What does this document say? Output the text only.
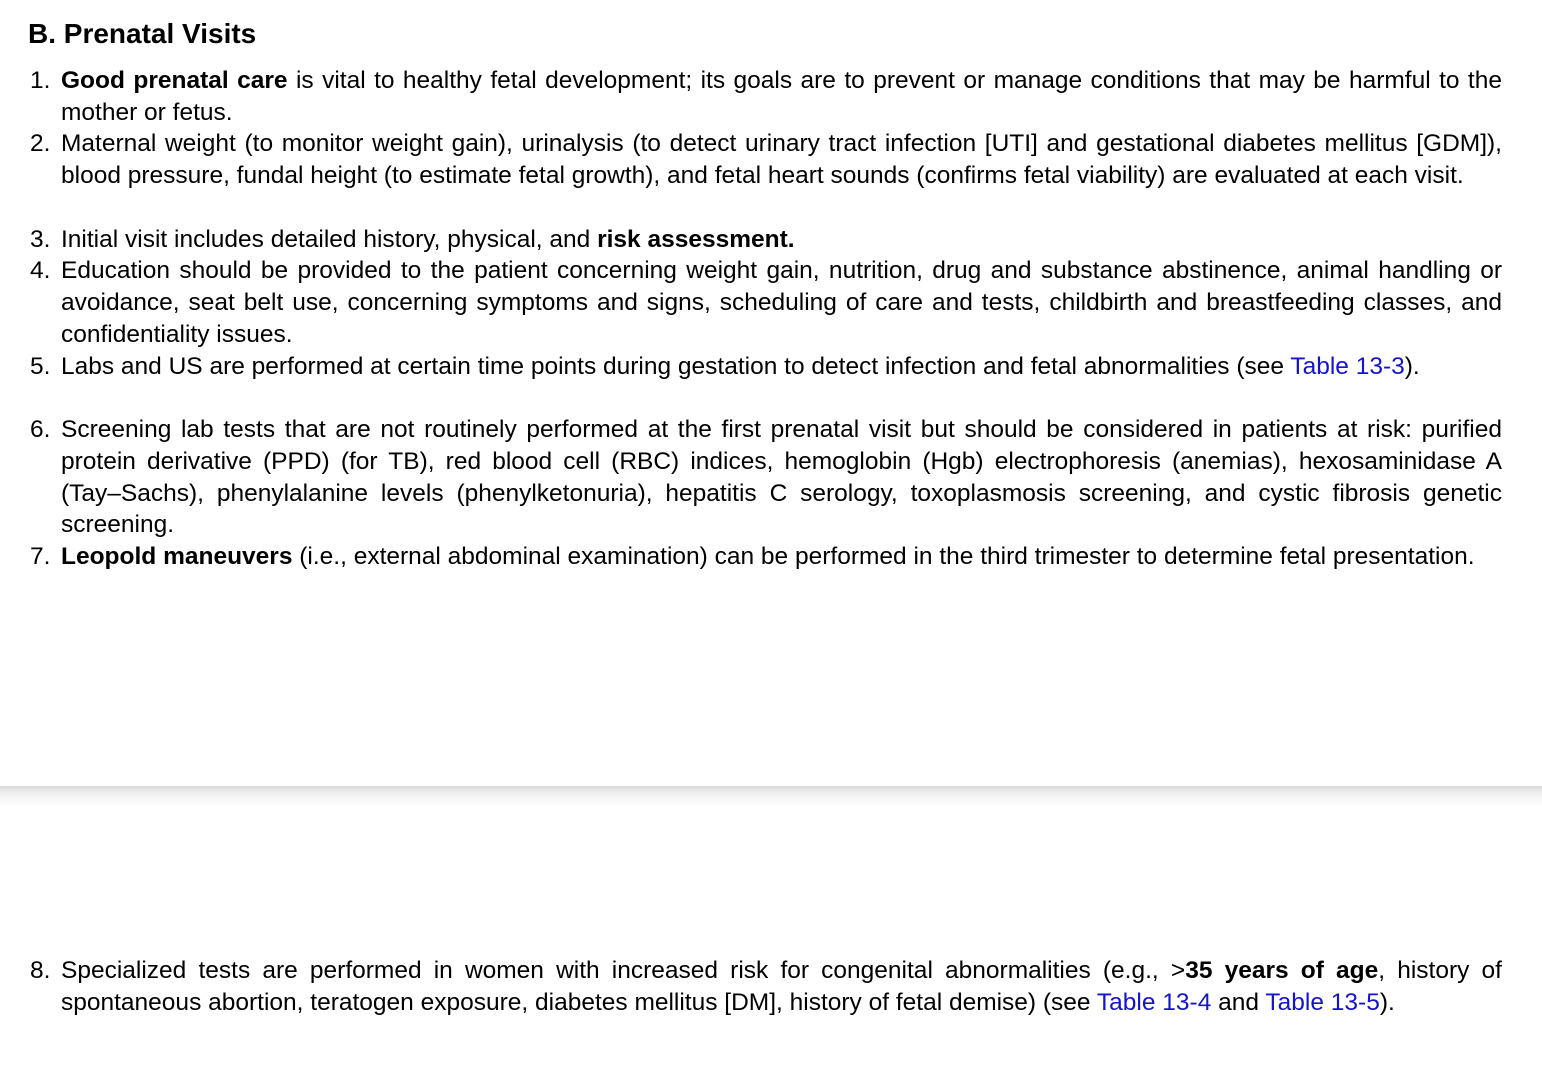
B. Prenatal Visits
1. Good prenatal care is vital to healthy fetal development; its goals are to prevent or manage conditions that may be harmful to the mother or fetus.
2. Maternal weight (to monitor weight gain), urinalysis (to detect urinary tract infection [UTI] and gestational diabetes mellitus [GDM]), blood pressure, fundal height (to estimate fetal growth), and fetal heart sounds (confirms fetal viability) are evaluated at each visit.
3. Initial visit includes detailed history, physical, and risk assessment.
4. Education should be provided to the patient concerning weight gain, nutrition, drug and substance abstinence, animal handling or avoidance, seat belt use, concerning symptoms and signs, scheduling of care and tests, childbirth and breastfeeding classes, and confidentiality issues.
5. Labs and US are performed at certain time points during gestation to detect infection and fetal abnormalities (see Table 13-3).
6. Screening lab tests that are not routinely performed at the first prenatal visit but should be considered in patients at risk: purified protein derivative (PPD) (for TB), red blood cell (RBC) indices, hemoglobin (Hgb) electrophoresis (anemias), hexosaminidase A (Tay–Sachs), phenylalanine levels (phenylketonuria), hepatitis C serology, toxoplasmosis screening, and cystic fibrosis genetic screening.
7. Leopold maneuvers (i.e., external abdominal examination) can be performed in the third trimester to determine fetal presentation.
8. Specialized tests are performed in women with increased risk for congenital abnormalities (e.g., >35 years of age, history of spontaneous abortion, teratogen exposure, diabetes mellitus [DM], history of fetal demise) (see Table 13-4 and Table 13-5).
